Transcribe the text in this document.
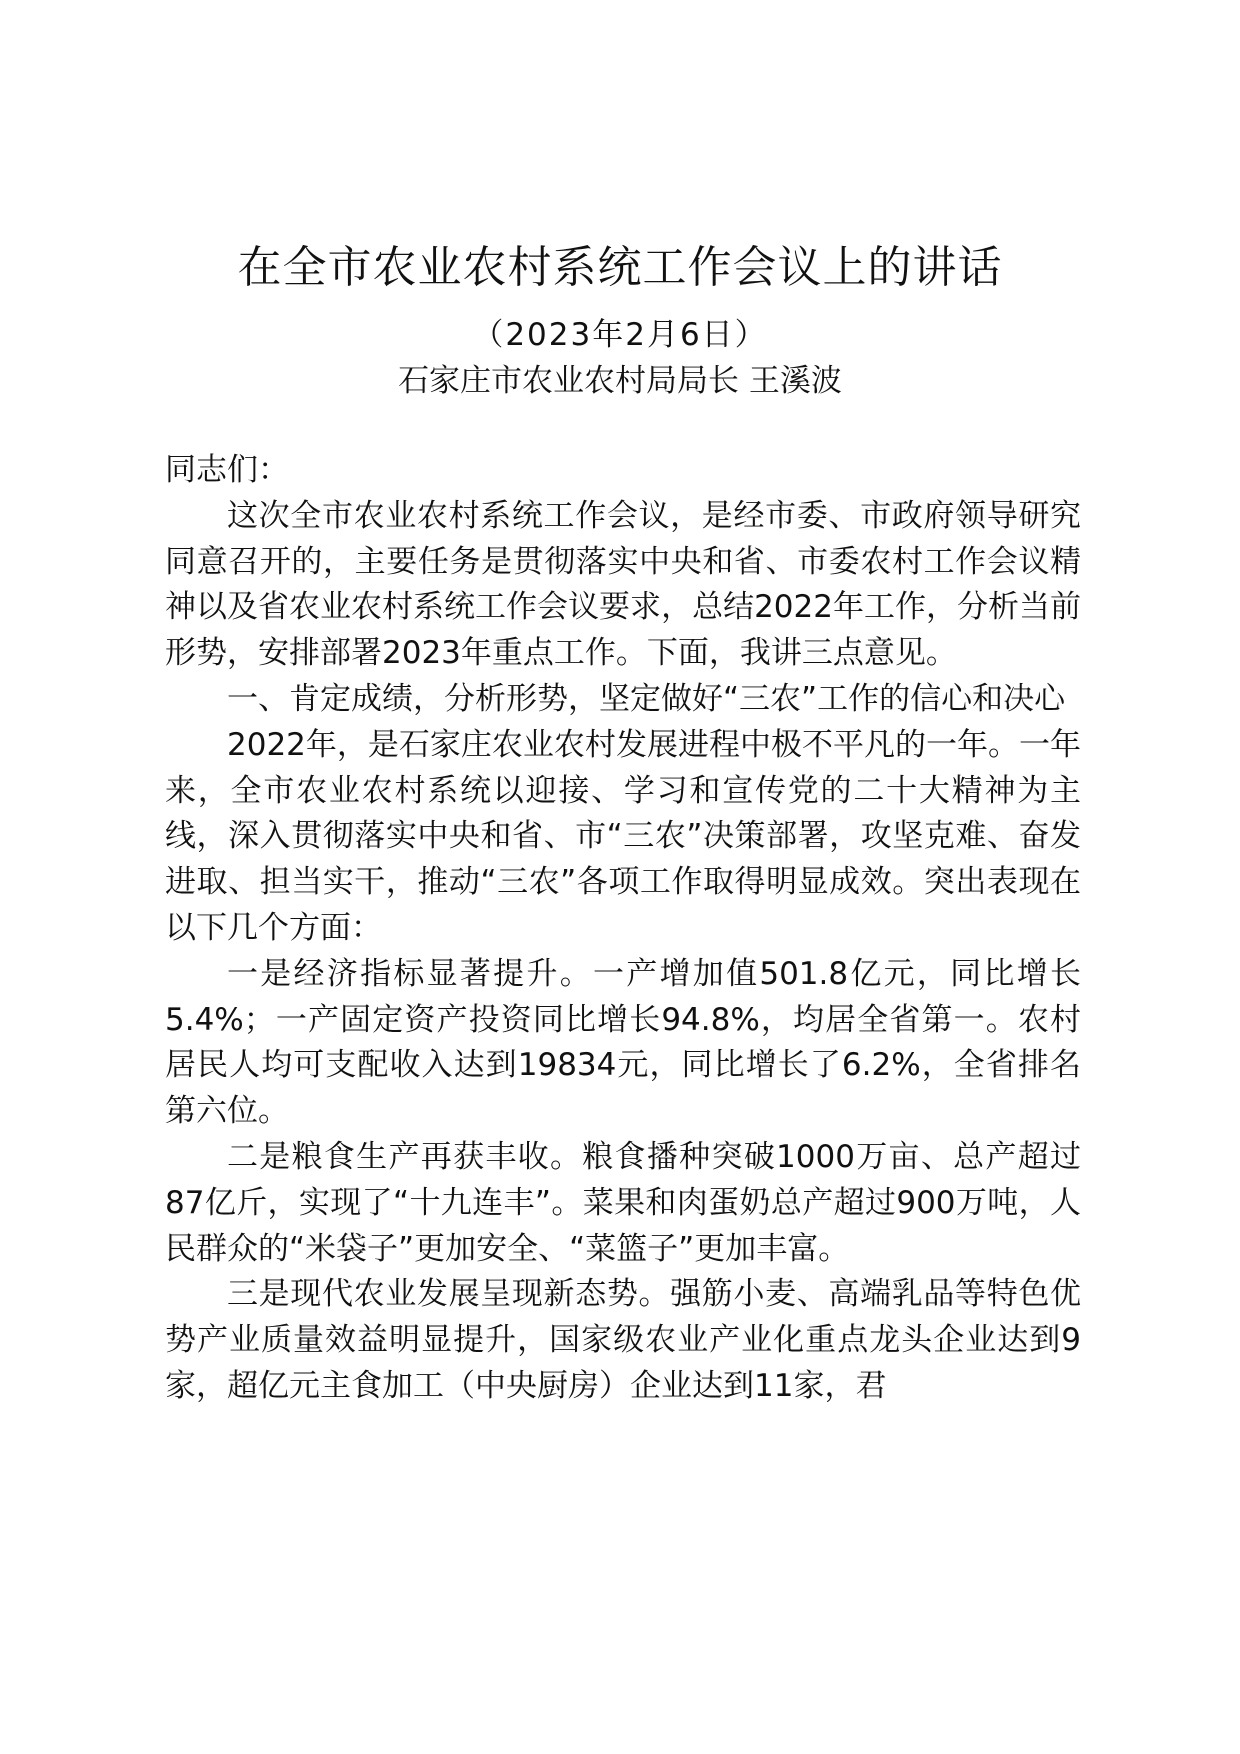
在全市农业农村系统工作会议上的讲话
（2023年2月6日）
石家庄市农业农村局局长 王溪波

同志们：

这次全市农业农村系统工作会议，是经市委、市政府领导研究同意召开的，主要任务是贯彻落实中央和省、市委农村工作会议精神以及省农业农村系统工作会议要求，总结2022年工作，分析当前形势，安排部署2023年重点工作。下面，我讲三点意见。

一、肯定成绩，分析形势，坚定做好“三农”工作的信心和决心

2022年，是石家庄农业农村发展进程中极不平凡的一年。一年来，全市农业农村系统以迎接、学习和宣传党的二十大精神为主线，深入贯彻落实中央和省、市“三农”决策部署，攻坚克难、奋发进取、担当实干，推动“三农”各项工作取得明显成效。突出表现在以下几个方面：

一是经济指标显著提升。一产增加值501.8亿元，同比增长5.4%；一产固定资产投资同比增长94.8%，均居全省第一。农村居民人均可支配收入达到19834元，同比增长了6.2%，全省排名第六位。

二是粮食生产再获丰收。粮食播种突破1000万亩、总产超过87亿斤，实现了“十九连丰”。菜果和肉蛋奶总产超过900万吨，人民群众的“米袋子”更加安全、“菜篮子”更加丰富。

三是现代农业发展呈现新态势。强筋小麦、高端乳品等特色优势产业质量效益明显提升，国家级农业产业化重点龙头企业达到9家，超亿元主食加工（中央厨房）企业达到11家，君
